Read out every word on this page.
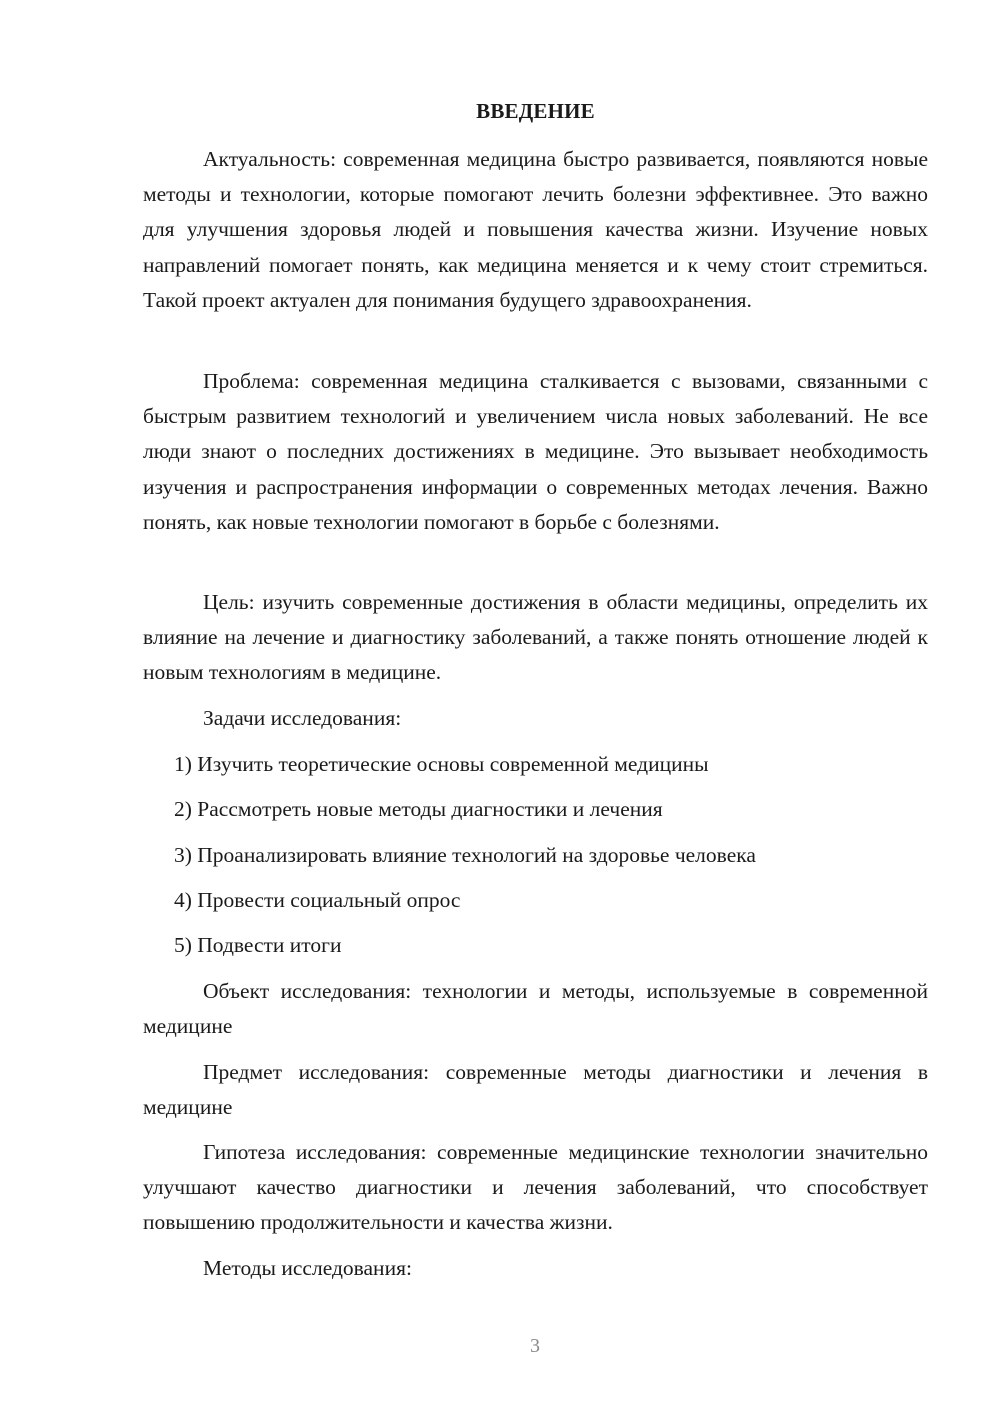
ВВЕДЕНИЕ

Актуальность: современная медицина быстро развивается, появляются новые методы и технологии, которые помогают лечить болезни эффективнее. Это важно для улучшения здоровья людей и повышения качества жизни. Изучение новых направлений помогает понять, как медицина меняется и к чему стоит стремиться. Такой проект актуален для понимания будущего здравоохранения.

Проблема: современная медицина сталкивается с вызовами, связанными с быстрым развитием технологий и увеличением числа новых заболеваний. Не все люди знают о последних достижениях в медицине. Это вызывает необходимость изучения и распространения информации о современных методах лечения. Важно понять, как новые технологии помогают в борьбе с болезнями.

Цель: изучить современные достижения в области медицины, определить их влияние на лечение и диагностику заболеваний, а также понять отношение людей к новым технологиям в медицине.

Задачи исследования:

1) Изучить теоретические основы современной медицины
2) Рассмотреть новые методы диагностики и лечения
3) Проанализировать влияние технологий на здоровье человека
4) Провести социальный опрос
5) Подвести итоги

Объект исследования: технологии и методы, используемые в современной медицине

Предмет исследования: современные методы диагностики и лечения в медицине

Гипотеза исследования: современные медицинские технологии значительно улучшают качество диагностики и лечения заболеваний, что способствует повышению продолжительности и качества жизни.

Методы исследования:

3
